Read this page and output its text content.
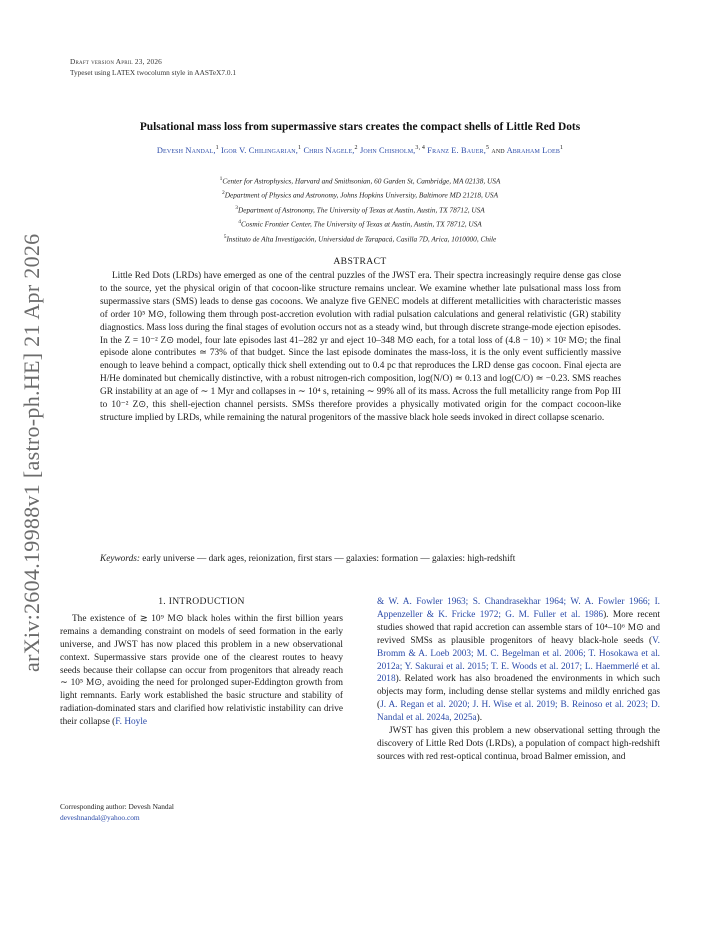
arXiv:2604.19988v1 [astro-ph.HE] 21 Apr 2026
Draft version April 23, 2026
Typeset using LATEX twocolumn style in AASTeX7.0.1
Pulsational mass loss from supermassive stars creates the compact shells of Little Red Dots
Devesh Nandal,$^1$ Igor V. Chilingarian,$^1$ Chris Nagele,$^2$ John Chisholm,$^{3, 4}$ Franz E. Bauer,$^5$ and Abraham Loeb$^1$
$^1$Center for Astrophysics, Harvard and Smithsonian, 60 Garden St, Cambridge, MA 02138, USA
$^2$Department of Physics and Astronomy, Johns Hopkins University, Baltimore MD 21218, USA
$^3$Department of Astronomy, The University of Texas at Austin, Austin, TX 78712, USA
$^4$Cosmic Frontier Center, The University of Texas at Austin, Austin, TX 78712, USA
$^5$Instituto de Alta Investigación, Universidad de Tarapacá, Casilla 7D, Arica, 1010000, Chile
ABSTRACT

Little Red Dots (LRDs) have emerged as one of the central puzzles of the JWST era. Their spectra increasingly require dense gas close to the source, yet the physical origin of that cocoon-like structure remains unclear. We examine whether late pulsational mass loss from supermassive stars (SMS) leads to dense gas cocoons. We analyze five GENEC models at different metallicities with characteristic masses of order 10⁵ M⊙, following them through post-accretion evolution with radial pulsation calculations and general relativistic (GR) stability diagnostics. Mass loss during the final stages of evolution occurs not as a steady wind, but through discrete strange-mode ejection episodes. In the Z = 10⁻² Z⊙ model, four late episodes last 41–282 yr and eject 10–348 M⊙ each, for a total loss of (4.8 − 10) × 10² M⊙; the final episode alone contributes ≃ 73% of that budget. Since the last episode dominates the mass-loss, it is the only event sufficiently massive enough to leave behind a compact, optically thick shell extending out to 0.4 pc that reproduces the LRD dense gas cocoon. Final ejecta are H/He dominated but chemically distinctive, with a robust nitrogen-rich composition, log(N/O) ≃ 0.13 and log(C/O) ≃ −0.23. SMS reaches GR instability at an age of ∼ 1 Myr and collapses in ∼ 10⁴ s, retaining ∼ 99% all of its mass. Across the full metallicity range from Pop III to 10⁻² Z⊙, this shell-ejection channel persists. SMSs therefore provides a physically motivated origin for the compact cocoon-like structure implied by LRDs, while remaining the natural progenitors of the massive black hole seeds invoked in direct collapse scenario.

Keywords: early universe — dark ages, reionization, first stars — galaxies: formation — galaxies: high-redshift
1. INTRODUCTION

The existence of ≳ 10⁹ M⊙ black holes within the first billion years remains a demanding constraint on models of seed formation in the early universe, and JWST has now placed this problem in a new observational context. Supermassive stars provide one of the clearest routes to heavy seeds because their collapse can occur from progenitors that already reach ∼ 10⁵ M⊙, avoiding the need for prolonged super-Eddington growth from light remnants. Early work established the basic structure and stability of radiation-dominated stars and clarified how relativistic instability can drive their collapse (F. Hoyle

& W. A. Fowler 1963; S. Chandrasekhar 1964; W. A. Fowler 1966; I. Appenzeller & K. Fricke 1972; G. M. Fuller et al. 1986). More recent studies showed that rapid accretion can assemble stars of 10⁴–10⁶ M⊙ and revived SMSs as plausible progenitors of heavy black-hole seeds (V. Bromm & A. Loeb 2003; M. C. Begelman et al. 2006; T. Hosokawa et al. 2012a; Y. Sakurai et al. 2015; T. E. Woods et al. 2017; L. Haemmerlé et al. 2018). Related work has also broadened the environments in which such objects may form, including dense stellar systems and mildly enriched gas (J. A. Regan et al. 2020; J. H. Wise et al. 2019; B. Reinoso et al. 2023; D. Nandal et al. 2024a, 2025a).

JWST has given this problem a new observational setting through the discovery of Little Red Dots (LRDs), a population of compact high-redshift sources with red rest-optical continua, broad Balmer emission, and

Corresponding author: Devesh Nandal
deveshnandal@yahoo.com
